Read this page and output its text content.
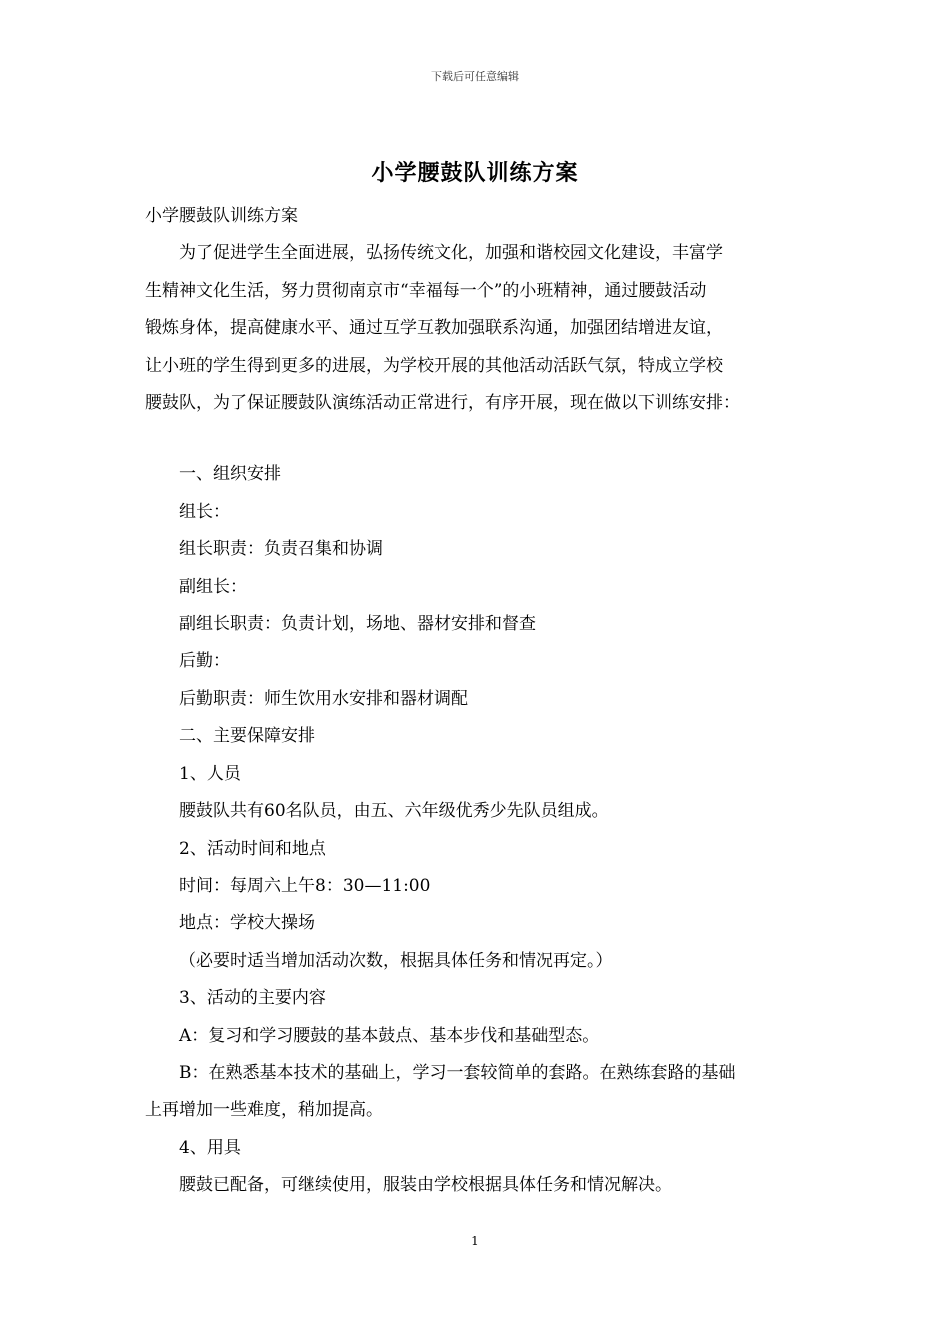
下载后可任意编辑
小学腰鼓队训练方案

小学腰鼓队训练方案

为了促进学生全面进展，弘扬传统文化，加强和谐校园文化建设，丰富学

生精神文化生活，努力贯彻南京市“幸福每一个”的小班精神，通过腰鼓活动

锻炼身体，提高健康水平、通过互学互教加强联系沟通，加强团结增进友谊，

让小班的学生得到更多的进展，为学校开展的其他活动活跃气氛，特成立学校

腰鼓队，为了保证腰鼓队演练活动正常进行，有序开展，现在做以下训练安排：

一、组织安排

组长：

组长职责：负责召集和协调

副组长：

副组长职责：负责计划，场地、器材安排和督查

后勤：

后勤职责：师生饮用水安排和器材调配

二、主要保障安排

1、人员

腰鼓队共有60名队员，由五、六年级优秀少先队员组成。

2、活动时间和地点

时间：每周六上午8：30—11:00

地点：学校大操场

（必要时适当增加活动次数，根据具体任务和情况再定。）

3、活动的主要内容

A：复习和学习腰鼓的基本鼓点、基本步伐和基础型态。

B：在熟悉基本技术的基础上，学习一套较简单的套路。在熟练套路的基础

上再增加一些难度，稍加提高。

4、用具

腰鼓已配备，可继续使用，服装由学校根据具体任务和情况解决。

1
